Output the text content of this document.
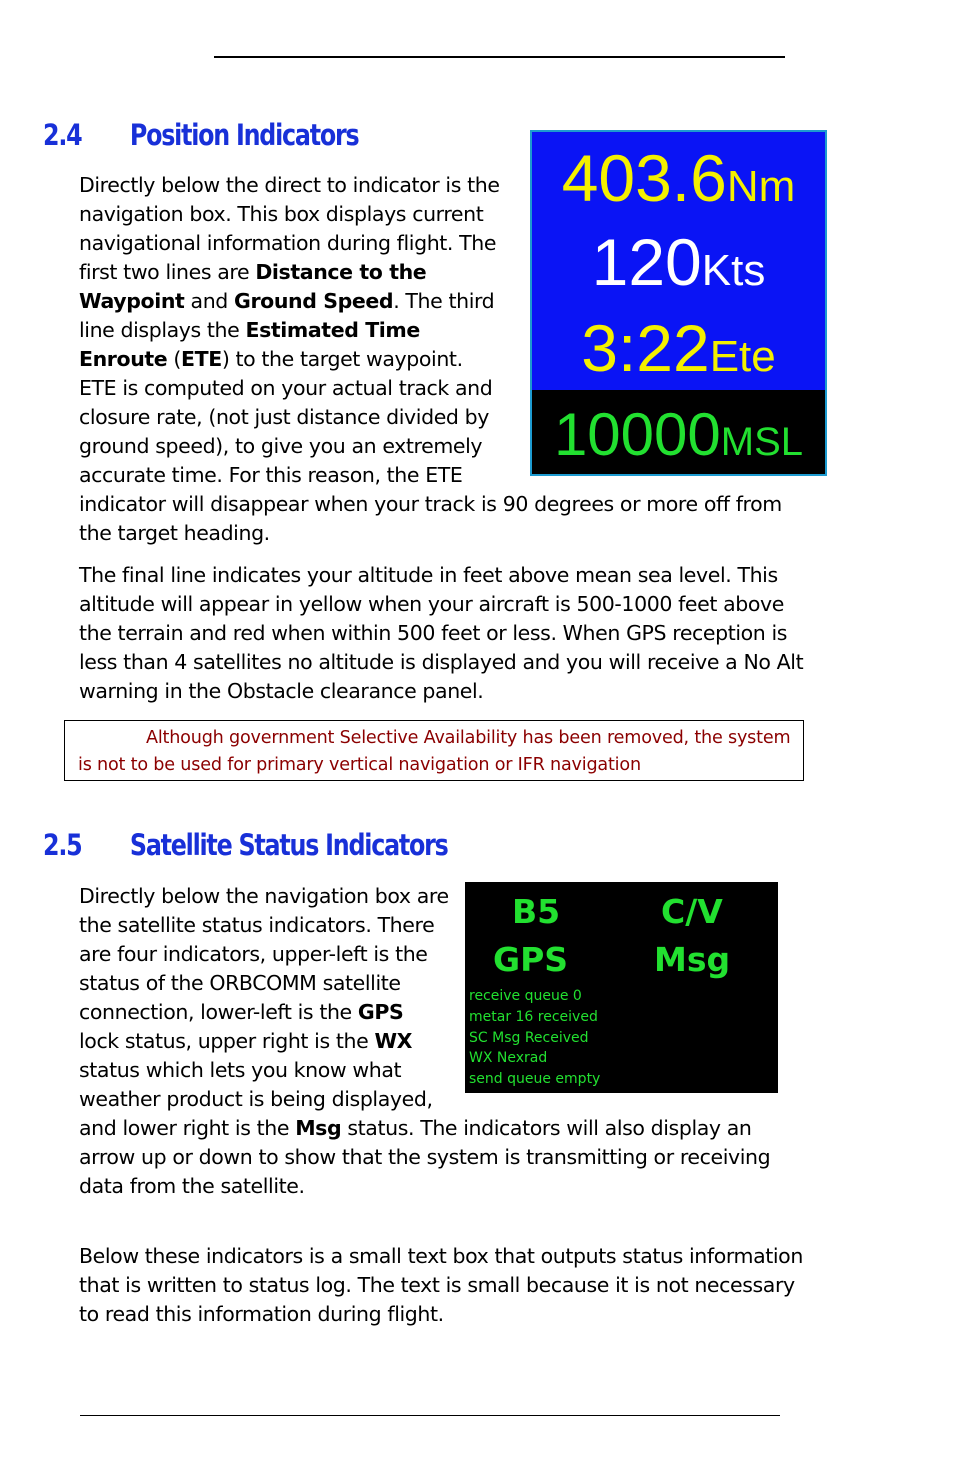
2.4 Position Indicators
403.6Nm
120Kts
3:22Ete
10000MSL

Directly below the direct to indicator is the navigation box. This box displays current navigational information during flight. The first two lines are Distance to the Waypoint and Ground Speed. The third line displays the Estimated Time Enroute (ETE) to the target waypoint. ETE is computed on your actual track and closure rate, (not just distance divided by ground speed), to give you an extremely accurate time. For this reason, the ETE indicator will disappear when your track is 90 degrees or more off from the target heading.

The final line indicates your altitude in feet above mean sea level. This altitude will appear in yellow when your aircraft is 500-1000 feet above the terrain and red when within 500 feet or less. When GPS reception is less than 4 satellites no altitude is displayed and you will receive a No Alt warning in the Obstacle clearance panel.

Although government Selective Availability has been removed, the system is not to be used for primary vertical navigation or IFR navigation
2.5 Satellite Status Indicators
B5	C/V
GPS	Msg
receive queue 0
metar 16 received
SC Msg Received
WX Nexrad
send queue empty

Directly below the navigation box are the satellite status indicators. There are four indicators, upper-left is the status of the ORBCOMM satellite connection, lower-left is the GPS lock status, upper right is the WX status which lets you know what weather product is being displayed, and lower right is the Msg status. The indicators will also display an arrow up or down to show that the system is transmitting or receiving data from the satellite.

Below these indicators is a small text box that outputs status information that is written to status log. The text is small because it is not necessary to read this information during flight.
